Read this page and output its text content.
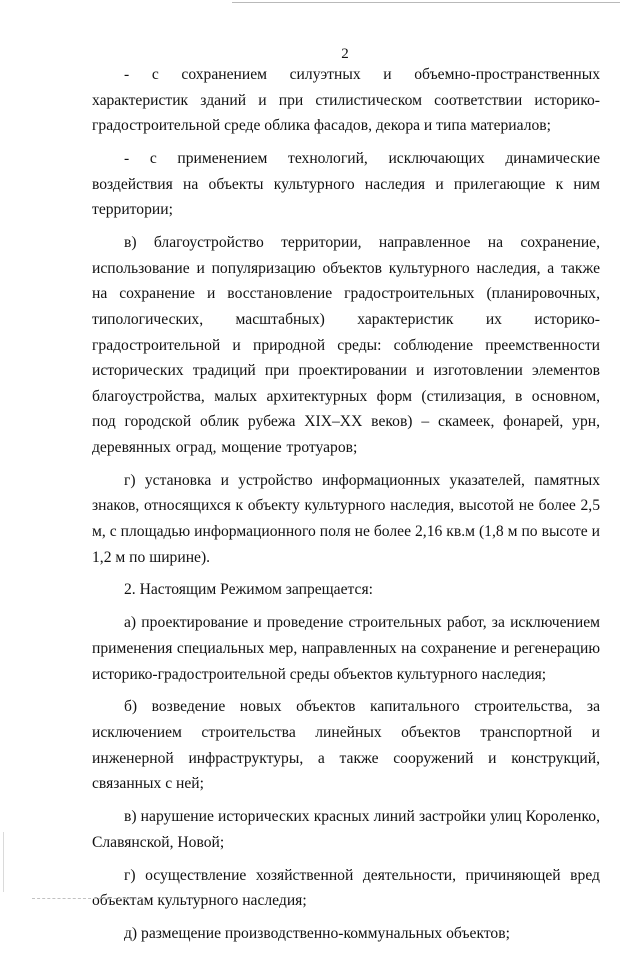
2

- с сохранением силуэтных и объемно-пространственных характеристик зданий и при стилистическом соответствии историко-градостроительной среде облика фасадов, декора и типа материалов;

- с применением технологий, исключающих динамические воздействия на объекты культурного наследия и прилегающие к ним территории;

в) благоустройство территории, направленное на сохранение, использование и популяризацию объектов культурного наследия, а также на сохранение и восстановление градостроительных (планировочных, типологических, масштабных) характеристик их историко-градостроительной и природной среды: соблюдение преемственности исторических традиций при проектировании и изготовлении элементов благоустройства, малых архитектурных форм (стилизация, в основном, под городской облик рубежа XIX–XX веков) – скамеек, фонарей, урн, деревянных оград, мощение тротуаров;

г) установка и устройство информационных указателей, памятных знаков, относящихся к объекту культурного наследия, высотой не более 2,5 м, с площадью информационного поля не более 2,16 кв.м (1,8 м по высоте и 1,2 м по ширине).

2. Настоящим Режимом запрещается:

а) проектирование и проведение строительных работ, за исключением применения специальных мер, направленных на сохранение и регенерацию историко-градостроительной среды объектов культурного наследия;

б) возведение новых объектов капитального строительства, за исключением строительства линейных объектов транспортной и инженерной инфраструктуры, а также сооружений и конструкций, связанных с ней;

в) нарушение исторических красных линий застройки улиц Короленко, Славянской, Новой;

г) осуществление хозяйственной деятельности, причиняющей вред объектам культурного наследия;

д) размещение производственно-коммунальных объектов;
